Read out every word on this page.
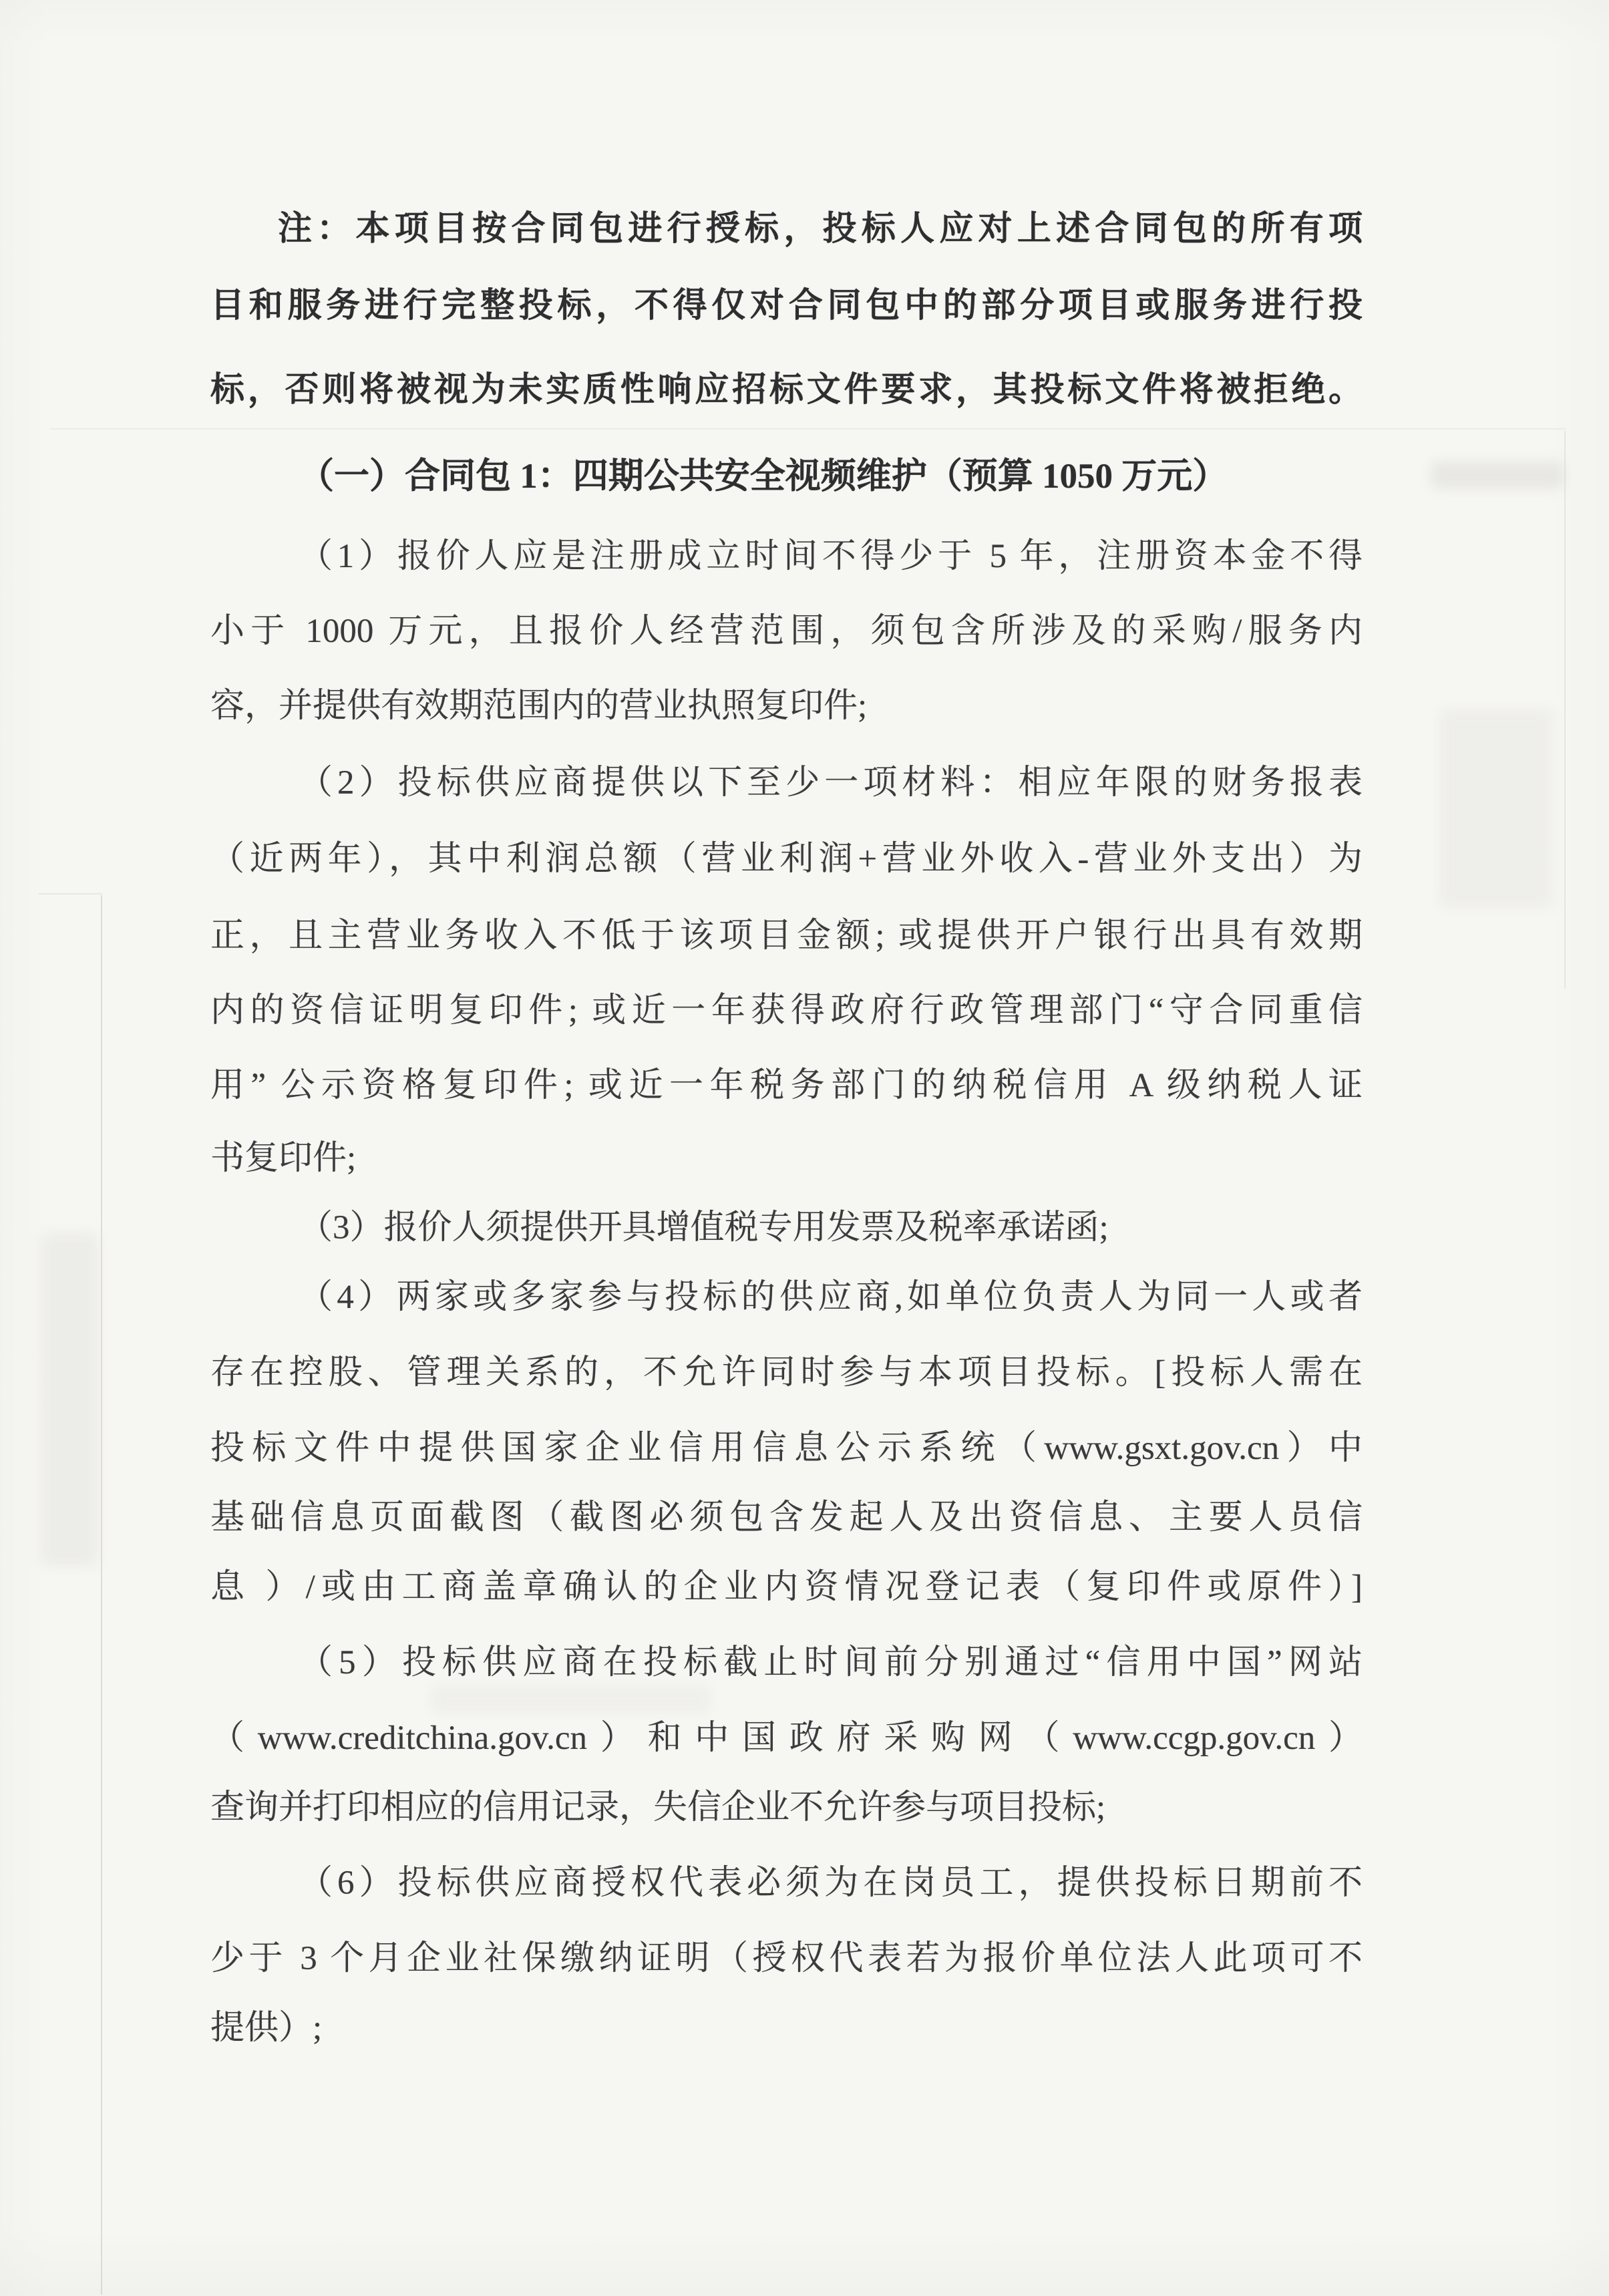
注：本项目按合同包进行授标，投标人应对上述合同包的所有项
目和服务进行完整投标，不得仅对合同包中的部分项目或服务进行投
标，否则将被视为未实质性响应招标文件要求，其投标文件将被拒绝。
（一）合同包 1：四期公共安全视频维护（预算 1050 万元）
（1）报价人应是注册成立时间不得少于 5 年，注册资本金不得
小于 1000 万元，且报价人经营范围，须包含所涉及的采购/服务内
容，并提供有效期范围内的营业执照复印件;
（2）投标供应商提供以下至少一项材料：相应年限的财务报表
（近两年），其中利润总额（营业利润+营业外收入-营业外支出）为
正，且主营业务收入不低于该项目金额; 或提供开户银行出具有效期
内的资信证明复印件; 或近一年获得政府行政管理部门“守合同重信
用” 公示资格复印件; 或近一年税务部门的纳税信用 A 级纳税人证
书复印件;
（3）报价人须提供开具增值税专用发票及税率承诺函;
（4）两家或多家参与投标的供应商,如单位负责人为同一人或者
存在控股、管理关系的，不允许同时参与本项目投标。[投标人需在
投标文件中提供国家企业信用信息公示系统（www.gsxt.gov.cn）中
基础信息页面截图（截图必须包含发起人及出资信息、主要人员信
息 ）/或由工商盖章确认的企业内资情况登记表（复印件或原件）]
（5）投标供应商在投标截止时间前分别通过“信用中国”网站
（www.creditchina.gov.cn）和中国政府采购网（www.ccgp.gov.cn）
查询并打印相应的信用记录，失信企业不允许参与项目投标;
（6）投标供应商授权代表必须为在岗员工，提供投标日期前不
少于 3 个月企业社保缴纳证明（授权代表若为报价单位法人此项可不
提供）;
